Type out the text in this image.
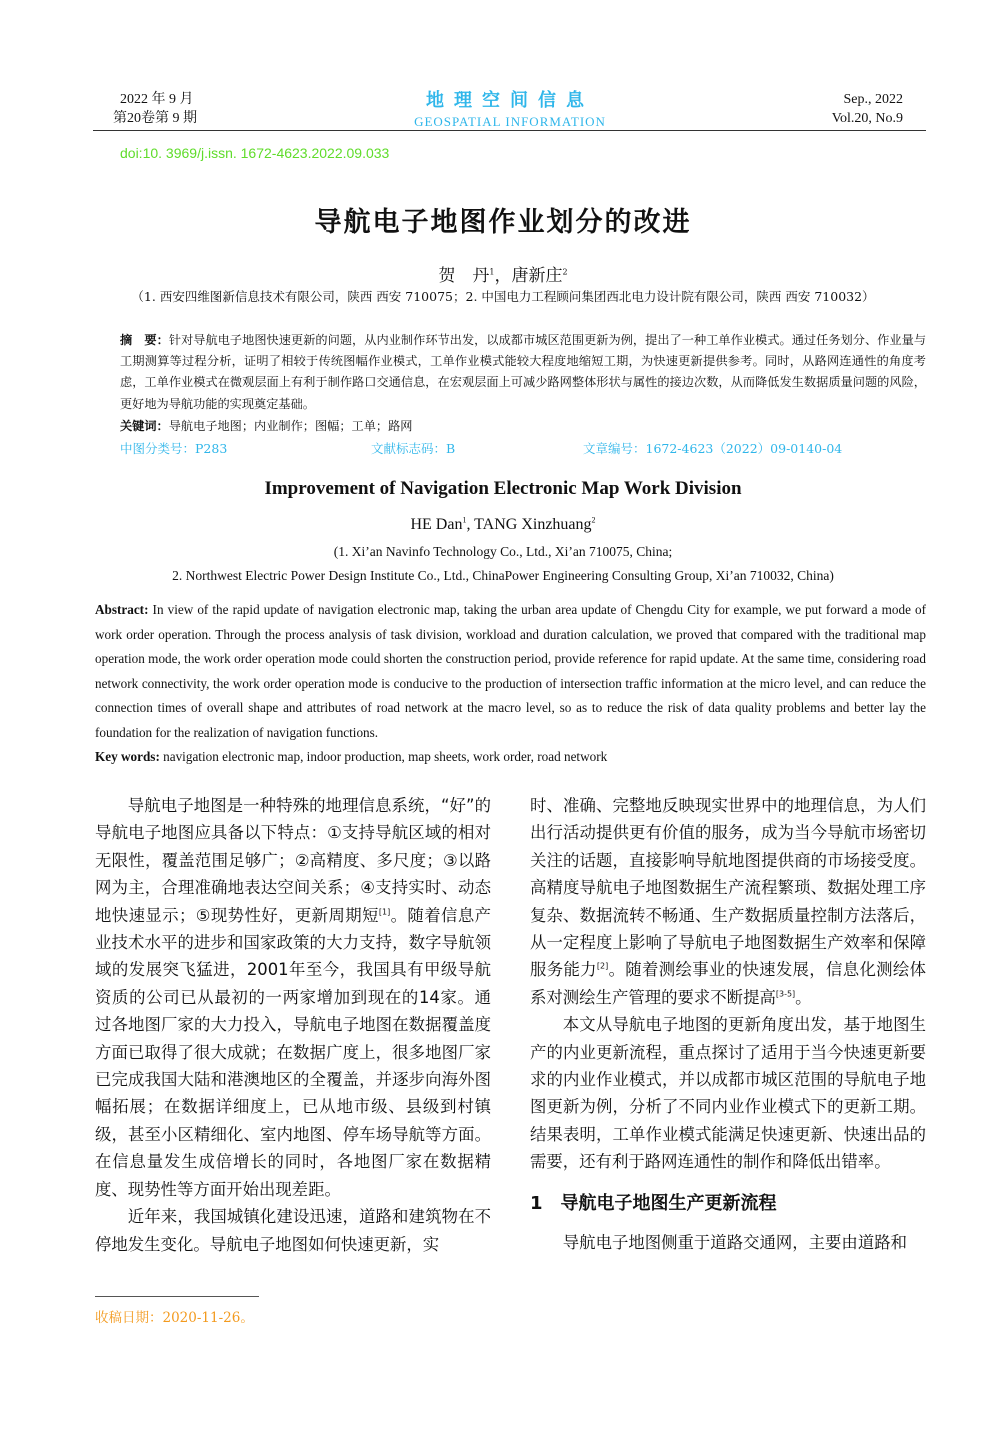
2022 年 9 月
第20卷第 9 期
地理空间信息
GEOSPATIAL INFORMATION
Sep., 2022
Vol.20, No.9
doi:10. 3969/j.issn. 1672-4623.2022.09.033
导航电子地图作业划分的改进
贺　丹$^1$，唐新庄$^2$
（1. 西安四维图新信息技术有限公司，陕西 西安 710075；2. 中国电力工程顾问集团西北电力设计院有限公司，陕西 西安 710032）
摘　要：针对导航电子地图快速更新的问题，从内业制作环节出发，以成都市城区范围更新为例，提出了一种工单作业模式。通过任务划分、作业量与工期测算等过程分析，证明了相较于传统图幅作业模式，工单作业模式能较大程度地缩短工期，为快速更新提供参考。同时，从路网连通性的角度考虑，工单作业模式在微观层面上有利于制作路口交通信息，在宏观层面上可减少路网整体形状与属性的接边次数，从而降低发生数据质量问题的风险，更好地为导航功能的实现奠定基础。
关键词：导航电子地图；内业制作；图幅；工单；路网
中图分类号：P283	文献标志码：B	文章编号：1672-4623（2022）09-0140-04
Improvement of Navigation Electronic Map Work Division
HE Dan$^1$, TANG Xinzhuang$^2$
(1. Xi’an Navinfo Technology Co., Ltd., Xi’an 710075, China;
2. Northwest Electric Power Design Institute Co., Ltd., ChinaPower Engineering Consulting Group, Xi’an 710032, China)
Abstract: In view of the rapid update of navigation electronic map, taking the urban area update of Chengdu City for example, we put forward a mode of work order operation. Through the process analysis of task division, workload and duration calculation, we proved that compared with the traditional map operation mode, the work order operation mode could shorten the construction period, provide reference for rapid update. At the same time, considering road network connectivity, the work order operation mode is conducive to the production of intersection traffic information at the micro level, and can reduce the connection times of overall shape and attributes of road network at the macro level, so as to reduce the risk of data quality problems and better lay the foundation for the realization of navigation functions.
Key words: navigation electronic map, indoor production, map sheets, work order, road network

导航电子地图是一种特殊的地理信息系统，“好”的导航电子地图应具备以下特点：①支持导航区域的相对无限性，覆盖范围足够广；②高精度、多尺度；③以路网为主，合理准确地表达空间关系；④支持实时、动态地快速显示；⑤现势性好，更新周期短[1]。随着信息产业技术水平的进步和国家政策的大力支持，数字导航领域的发展突飞猛进，2001年至今，我国具有甲级导航资质的公司已从最初的一两家增加到现在的14家。通过各地图厂家的大力投入，导航电子地图在数据覆盖度方面已取得了很大成就；在数据广度上，很多地图厂家已完成我国大陆和港澳地区的全覆盖，并逐步向海外图幅拓展；在数据详细度上，已从地市级、县级到村镇级，甚至小区精细化、室内地图、停车场导航等方面。在信息量发生成倍增长的同时，各地图厂家在数据精度、现势性等方面开始出现差距。

近年来，我国城镇化建设迅速，道路和建筑物在不停地发生变化。导航电子地图如何快速更新，实

时、准确、完整地反映现实世界中的地理信息，为人们出行活动提供更有价值的服务，成为当今导航市场密切关注的话题，直接影响导航地图提供商的市场接受度。高精度导航电子地图数据生产流程繁琐、数据处理工序复杂、数据流转不畅通、生产数据质量控制方法落后，从一定程度上影响了导航电子地图数据生产效率和保障服务能力[2]。随着测绘事业的快速发展，信息化测绘体系对测绘生产管理的要求不断提高[3-5]。

本文从导航电子地图的更新角度出发，基于地图生产的内业更新流程，重点探讨了适用于当今快速更新要求的内业作业模式，并以成都市城区范围的导航电子地图更新为例，分析了不同内业作业模式下的更新工期。结果表明，工单作业模式能满足快速更新、快速出品的需要，还有利于路网连通性的制作和降低出错率。

1　导航电子地图生产更新流程

导航电子地图侧重于道路交通网，主要由道路和

收稿日期：2020-11-26。
